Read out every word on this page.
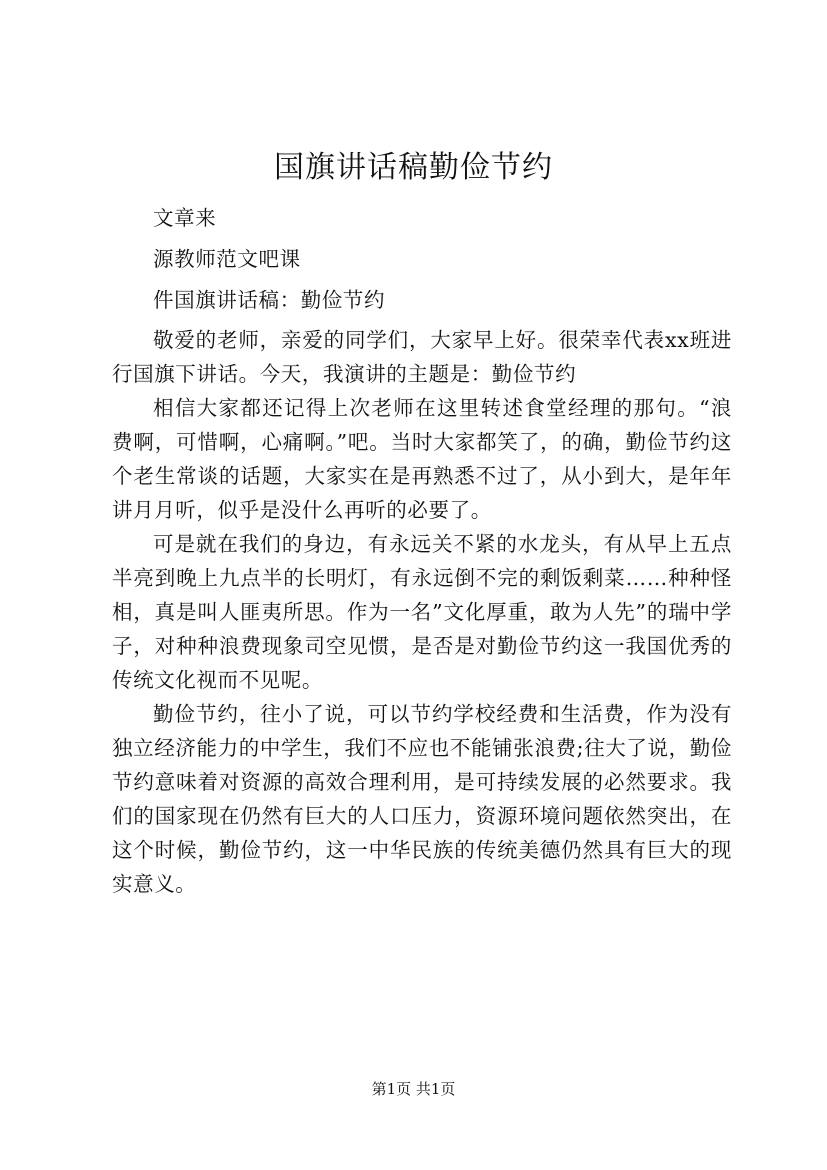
国旗讲话稿勤俭节约
文章来
源教师范文吧课
件国旗讲话稿：勤俭节约

敬爱的老师，亲爱的同学们，大家早上好。很荣幸代表xx班进行国旗下讲话。今天，我演讲的主题是：勤俭节约

相信大家都还记得上次老师在这里转述食堂经理的那句。“浪费啊，可惜啊，心痛啊。”吧。当时大家都笑了，的确，勤俭节约这个老生常谈的话题，大家实在是再熟悉不过了，从小到大，是年年讲月月听，似乎是没什么再听的必要了。

可是就在我们的身边，有永远关不紧的水龙头，有从早上五点半亮到晚上九点半的长明灯，有永远倒不完的剩饭剩菜……种种怪相，真是叫人匪夷所思。作为一名”文化厚重，敢为人先”的瑞中学子，对种种浪费现象司空见惯，是否是对勤俭节约这一我国优秀的传统文化视而不见呢。

勤俭节约，往小了说，可以节约学校经费和生活费，作为没有独立经济能力的中学生，我们不应也不能铺张浪费;往大了说，勤俭节约意味着对资源的高效合理利用，是可持续发展的必然要求。我们的国家现在仍然有巨大的人口压力，资源环境问题依然突出，在这个时候，勤俭节约，这一中华民族的传统美德仍然具有巨大的现实意义。

第1页 共1页
